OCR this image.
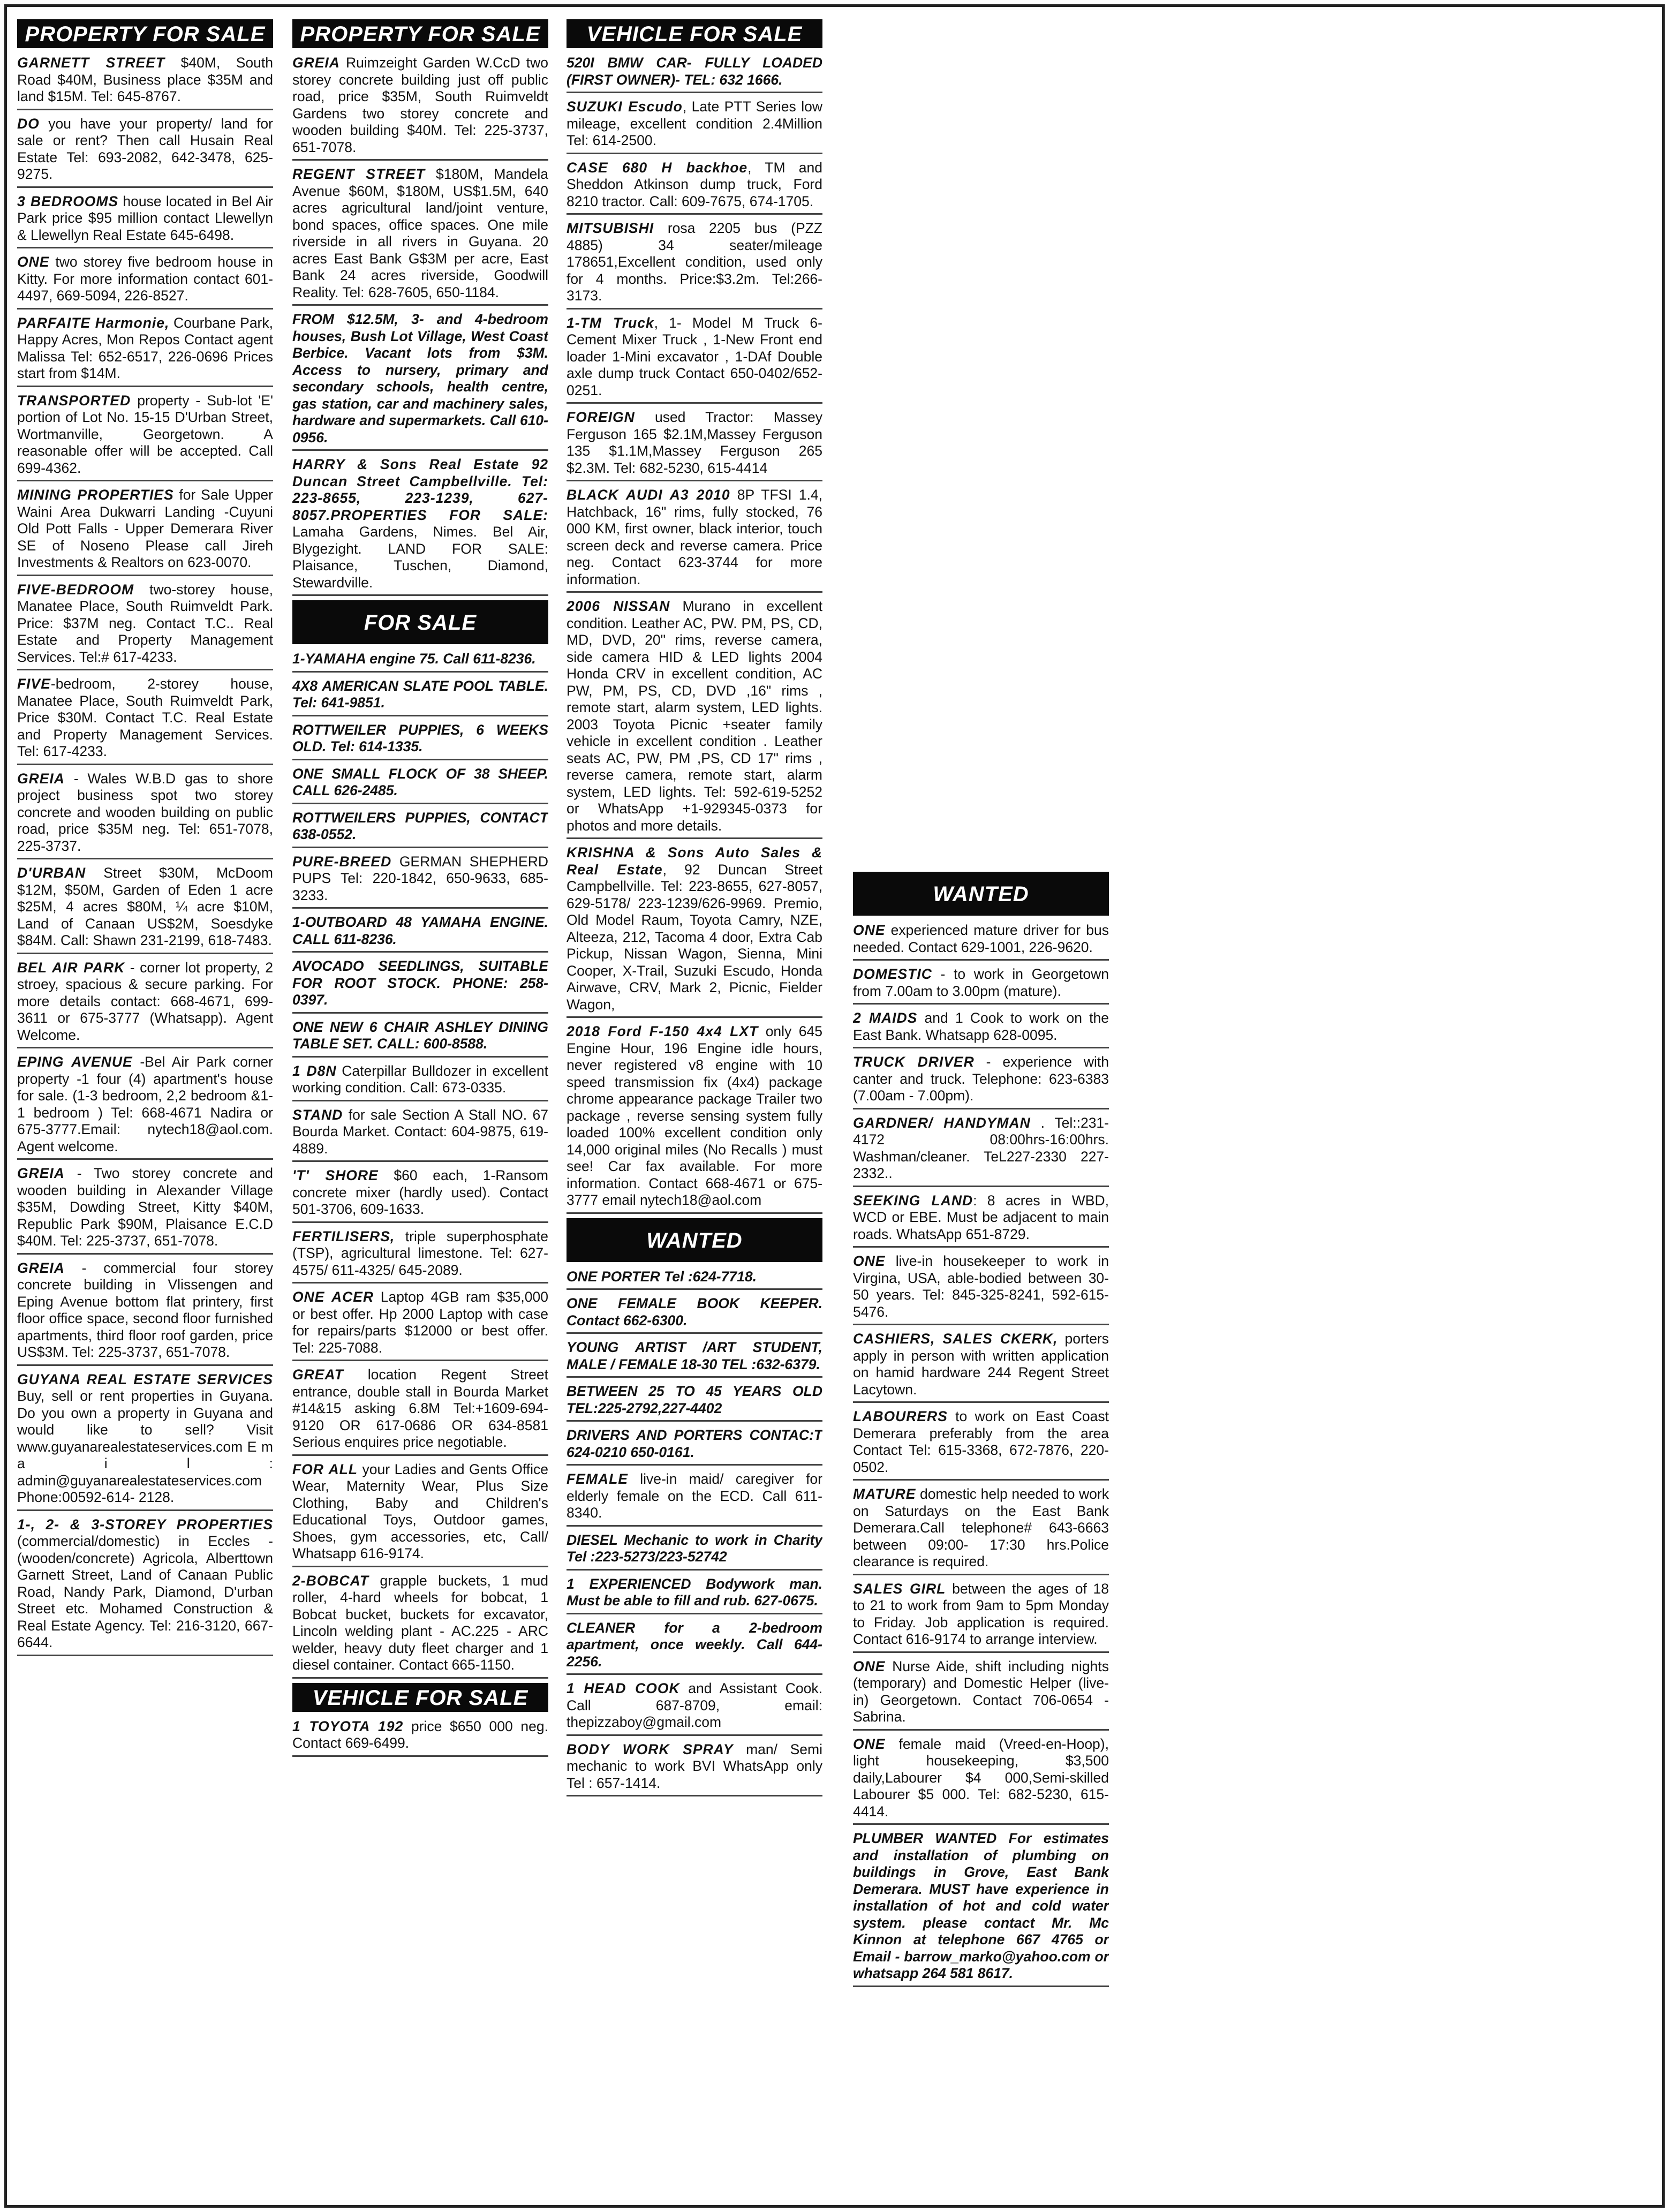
PROPERTY FOR SALE
GARNETT STREET $40M, South Road $40M, Business place $35M and land $15M. Tel: 645-8767.
DO you have your property/ land for sale or rent? Then call Husain Real Estate Tel: 693-2082, 642-3478, 625-9275.
3 BEDROOMS house located in Bel Air Park price $95 million contact Llewellyn & Llewellyn Real Estate 645-6498.
ONE two storey five bedroom house in Kitty. For more information contact 601-4497, 669-5094, 226-8527.
PARFAITE Harmonie, Courbane Park, Happy Acres, Mon Repos Contact agent Malissa Tel: 652-6517, 226-0696 Prices start from $14M.
TRANSPORTED property - Sub-lot 'E' portion of Lot No. 15-15 D'Urban Street, Wortmanville, Georgetown. A reasonable offer will be accepted. Call 699-4362.
MINING PROPERTIES for Sale Upper Waini Area Dukwarri Landing -Cuyuni Old Pott Falls - Upper Demerara River SE of Noseno Please call Jireh Investments & Realtors on 623-0070.
FIVE-BEDROOM two-storey house, Manatee Place, South Ruimveldt Park. Price: $37M neg. Contact T.C.. Real Estate and Property Management Services. Tel:# 617-4233.
FIVE-bedroom, 2-storey house, Manatee Place, South Ruimveldt Park, Price $30M. Contact T.C. Real Estate and Property Management Services. Tel: 617-4233.
GREIA - Wales W.B.D gas to shore project business spot two storey concrete and wooden building on public road, price $35M neg. Tel: 651-7078, 225-3737.
D'URBAN Street $30M, McDoom $12M, $50M, Garden of Eden 1 acre $25M, 4 acres $80M, ¼ acre $10M, Land of Canaan US$2M, Soesdyke $84M. Call: Shawn 231-2199, 618-7483.
BEL AIR PARK - corner lot property, 2 stroey, spacious & secure parking. For more details contact: 668-4671, 699-3611 or 675-3777 (Whatsapp). Agent Welcome.
EPING AVENUE -Bel Air Park corner property -1 four (4) apartment's house for sale. (1-3 bedroom, 2,2 bedroom &1-1 bedroom ) Tel: 668-4671 Nadira or 675-3777.Email: nytech18@aol.com. Agent welcome.
GREIA - Two storey concrete and wooden building in Alexander Village $35M, Dowding Street, Kitty $40M, Republic Park $90M, Plaisance E.C.D $40M. Tel: 225-3737, 651-7078.
GREIA - commercial four storey concrete building in Vlissengen and Eping Avenue bottom flat printery, first floor office space, second floor furnished apartments, third floor roof garden, price US$3M. Tel: 225-3737, 651-7078.
GUYANA REAL ESTATE SERVICES Buy, sell or rent properties in Guyana. Do you own a property in Guyana and would like to sell? Visit www.guyanarealestateservices.com E m a i l : admin@guyanarealestateservices.com Phone:00592-614- 2128.
1-, 2- & 3-STOREY PROPERTIES (commercial/domestic) in Eccles - (wooden/concrete) Agricola, Alberttown Garnett Street, Land of Canaan Public Road, Nandy Park, Diamond, D'urban Street etc. Mohamed Construction & Real Estate Agency. Tel: 216-3120, 667-6644.
PROPERTY FOR SALE
GREIA Ruimzeight Garden W.CcD two storey concrete building just off public road, price $35M, South Ruimveldt Gardens two storey concrete and wooden building $40M. Tel: 225-3737, 651-7078.
REGENT STREET $180M, Mandela Avenue $60M, $180M, US$1.5M, 640 acres agricultural land/joint venture, bond spaces, office spaces. One mile riverside in all rivers in Guyana. 20 acres East Bank G$3M per acre, East Bank 24 acres riverside, Goodwill Reality. Tel: 628-7605, 650-1184.
FROM $12.5M, 3- and 4-bedroom houses, Bush Lot Village, West Coast Berbice. Vacant lots from $3M. Access to nursery, primary and secondary schools, health centre, gas station, car and machinery sales, hardware and supermarkets. Call 610-0956.
HARRY & Sons Real Estate 92 Duncan Street Campbellville. Tel: 223-8655, 223-1239, 627-8057.PROPERTIES FOR SALE: Lamaha Gardens, Nimes. Bel Air, Blygezight. LAND FOR SALE: Plaisance, Tuschen, Diamond, Stewardville.
FOR SALE
1-YAMAHA engine 75. Call 611-8236.
4X8 AMERICAN SLATE POOL TABLE. Tel: 641-9851.
ROTTWEILER PUPPIES, 6 WEEKS OLD. Tel: 614-1335.
ONE SMALL FLOCK OF 38 SHEEP. CALL 626-2485.
ROTTWEILERS PUPPIES, CONTACT 638-0552.
PURE-BREED GERMAN SHEPHERD PUPS Tel: 220-1842, 650-9633, 685-3233.
1-OUTBOARD 48 YAMAHA ENGINE. CALL 611-8236.
AVOCADO SEEDLINGS, SUITABLE FOR ROOT STOCK. PHONE: 258-0397.
ONE NEW 6 CHAIR ASHLEY DINING TABLE SET. CALL: 600-8588.
1 D8N Caterpillar Bulldozer in excellent working condition. Call: 673-0335.
STAND for sale Section A Stall NO. 67 Bourda Market. Contact: 604-9875, 619-4889.
'T' SHORE $60 each, 1-Ransom concrete mixer (hardly used). Contact 501-3706, 609-1633.
FERTILISERS, triple superphosphate (TSP), agricultural limestone. Tel: 627-4575/ 611-4325/ 645-2089.
ONE ACER Laptop 4GB ram $35,000 or best offer. Hp 2000 Laptop with case for repairs/parts $12000 or best offer. Tel: 225-7088.
GREAT location Regent Street entrance, double stall in Bourda Market #14&15 asking 6.8M Tel:+1609-694-9120 OR 617-0686 OR 634-8581 Serious enquires price negotiable.
FOR ALL your Ladies and Gents Office Wear, Maternity Wear, Plus Size Clothing, Baby and Children's Educational Toys, Outdoor games, Shoes, gym accessories, etc, Call/ Whatsapp 616-9174.
2-BOBCAT grapple buckets, 1 mud roller, 4-hard wheels for bobcat, 1 Bobcat bucket, buckets for excavator, Lincoln welding plant - AC.225 - ARC welder, heavy duty fleet charger and 1 diesel container. Contact 665-1150.
VEHICLE FOR SALE
1 TOYOTA 192 price $650 000 neg. Contact 669-6499.
VEHICLE FOR SALE
520I BMW CAR- FULLY LOADED (FIRST OWNER)- TEL: 632 1666.
SUZUKI Escudo, Late PTT Series low mileage, excellent condition 2.4Million Tel: 614-2500.
CASE 680 H backhoe, TM and Sheddon Atkinson dump truck, Ford 8210 tractor. Call: 609-7675, 674-1705.
MITSUBISHI rosa 2205 bus (PZZ 4885) 34 seater/mileage 178651,Excellent condition, used only for 4 months. Price:$3.2m. Tel:266-3173.
1-TM Truck, 1- Model M Truck 6-Cement Mixer Truck , 1-New Front end loader 1-Mini excavator , 1-DAf Double axle dump truck Contact 650-0402/652-0251.
FOREIGN used Tractor: Massey Ferguson 165 $2.1M,Massey Ferguson 135 $1.1M,Massey Ferguson 265 $2.3M. Tel: 682-5230, 615-4414
BLACK AUDI A3 2010 8P TFSI 1.4, Hatchback, 16" rims, fully stocked, 76 000 KM, first owner, black interior, touch screen deck and reverse camera. Price neg. Contact 623-3744 for more information.
2006 NISSAN Murano in excellent condition. Leather AC, PW. PM, PS, CD, MD, DVD, 20" rims, reverse camera, side camera HID & LED lights 2004 Honda CRV in excellent condition, AC PW, PM, PS, CD, DVD ,16" rims , remote start, alarm system, LED lights. 2003 Toyota Picnic +seater family vehicle in excellent condition . Leather seats AC, PW, PM ,PS, CD 17" rims , reverse camera, remote start, alarm system, LED lights. Tel: 592-619-5252 or WhatsApp +1-929345-0373 for photos and more details.
KRISHNA & Sons Auto Sales & Real Estate, 92 Duncan Street Campbellville. Tel: 223-8655, 627-8057, 629-5178/ 223-1239/626-9969. Premio, Old Model Raum, Toyota Camry, NZE, Alteeza, 212, Tacoma 4 door, Extra Cab Pickup, Nissan Wagon, Sienna, Mini Cooper, X-Trail, Suzuki Escudo, Honda Airwave, CRV, Mark 2, Picnic, Fielder Wagon,
2018 Ford F-150 4x4 LXT only 645 Engine Hour, 196 Engine idle hours, never registered v8 engine with 10 speed transmission fix (4x4) package chrome appearance package Trailer two package , reverse sensing system fully loaded 100% excellent condition only 14,000 original miles (No Recalls ) must see! Car fax available. For more information. Contact 668-4671 or 675-3777 email nytech18@aol.com
WANTED
ONE PORTER Tel :624-7718.
ONE FEMALE BOOK KEEPER. Contact 662-6300.
YOUNG ARTIST /ART STUDENT, MALE / FEMALE 18-30 TEL :632-6379.
BETWEEN 25 TO 45 YEARS OLD TEL:225-2792,227-4402
DRIVERS AND PORTERS CONTAC:T 624-0210 650-0161.
FEMALE live-in maid/ caregiver for elderly female on the ECD. Call 611-8340.
DIESEL Mechanic to work in Charity Tel :223-5273/223-52742
1 EXPERIENCED Bodywork man. Must be able to fill and rub. 627-0675.
CLEANER for a 2-bedroom apartment, once weekly. Call 644-2256.
1 HEAD COOK and Assistant Cook. Call 687-8709, email: thepizzaboy@gmail.com
BODY WORK SPRAY man/ Semi mechanic to work BVI WhatsApp only Tel : 657-1414.
WANTED
ONE experienced mature driver for bus needed. Contact 629-1001, 226-9620.
DOMESTIC - to work in Georgetown from 7.00am to 3.00pm (mature).
2 MAIDS and 1 Cook to work on the East Bank. Whatsapp 628-0095.
TRUCK DRIVER - experience with canter and truck. Telephone: 623-6383 (7.00am - 7.00pm).
GARDNER/ HANDYMAN . Tel::231-4172 08:00hrs-16:00hrs. Washman/cleaner. TeL227-2330 227-2332..
SEEKING LAND: 8 acres in WBD, WCD or EBE. Must be adjacent to main roads. WhatsApp 651-8729.
ONE live-in housekeeper to work in Virgina, USA, able-bodied between 30-50 years. Tel: 845-325-8241, 592-615-5476.
CASHIERS, SALES CKERK, porters apply in person with written application on hamid hardware 244 Regent Street Lacytown.
LABOURERS to work on East Coast Demerara preferably from the area Contact Tel: 615-3368, 672-7876, 220-0502.
MATURE domestic help needed to work on Saturdays on the East Bank Demerara.Call telephone# 643-6663 between 09:00- 17:30 hrs.Police clearance is required.
SALES GIRL between the ages of 18 to 21 to work from 9am to 5pm Monday to Friday. Job application is required. Contact 616-9174 to arrange interview.
ONE Nurse Aide, shift including nights (temporary) and Domestic Helper (live-in) Georgetown. Contact 706-0654 - Sabrina.
ONE female maid (Vreed-en-Hoop), light housekeeping, $3,500 daily,Labourer $4 000,Semi-skilled Labourer $5 000. Tel: 682-5230, 615-4414.
PLUMBER WANTED For estimates and installation of plumbing on buildings in Grove, East Bank Demerara. MUST have experience in installation of hot and cold water system. please contact Mr. Mc Kinnon at telephone 667 4765 or Email - barrow_marko@yahoo.com or whatsapp 264 581 8617.
